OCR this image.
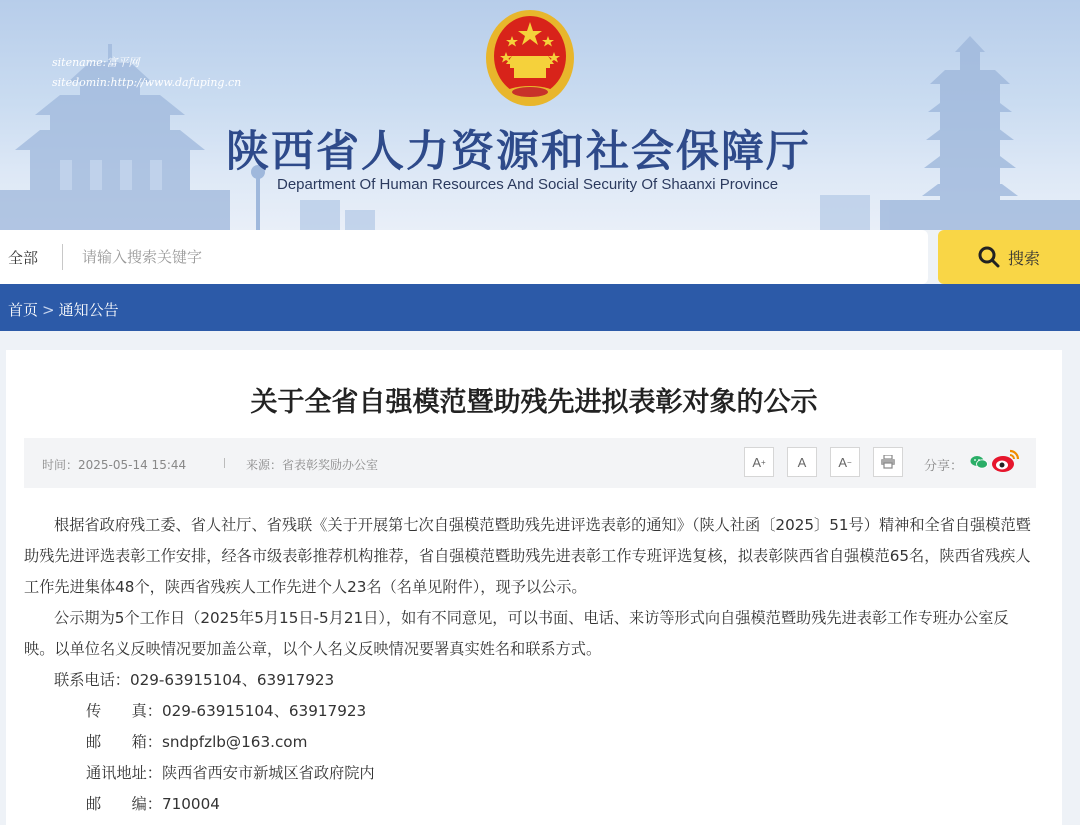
sitename:富平网
sitedomin:http://www.dafuping.cn
陕西省人力资源和社会保障厅
Department Of Human Resources And Social Security Of Shaanxi Province
全部
请输入搜索关键字	搜索
首页 > 通知公告
关于全省自强模范暨助残先进拟表彰对象的公示
时间：2025-05-14 15:44	来源：省表彰奖励办公室	A + A A −	分享：

根据省政府残工委、省人社厅、省残联《关于开展第七次自强模范暨助残先进评选表彰的通知》（陕人社函〔2025〕51号）精神和全省自强模范暨助残先进评选表彰工作安排，经各市级表彰推荐机构推荐，省自强模范暨助残先进表彰工作专班评选复核，拟表彰陕西省自强模范65名，陕西省残疾人工作先进集体48个，陕西省残疾人工作先进个人23名（名单见附件），现予以公示。

公示期为5个工作日（2025年5月15日-5月21日），如有不同意见，可以书面、电话、来访等形式向自强模范暨助残先进表彰工作专班办公室反映。以单位名义反映情况要加盖公章，以个人名义反映情况要署真实姓名和联系方式。

联系电话：029-63915104、63917923
传　　真：029-63915104、63917923
邮　　箱：sndpfzlb@163.com
通讯地址：陕西省西安市新城区省政府院内
邮　　编：710004
